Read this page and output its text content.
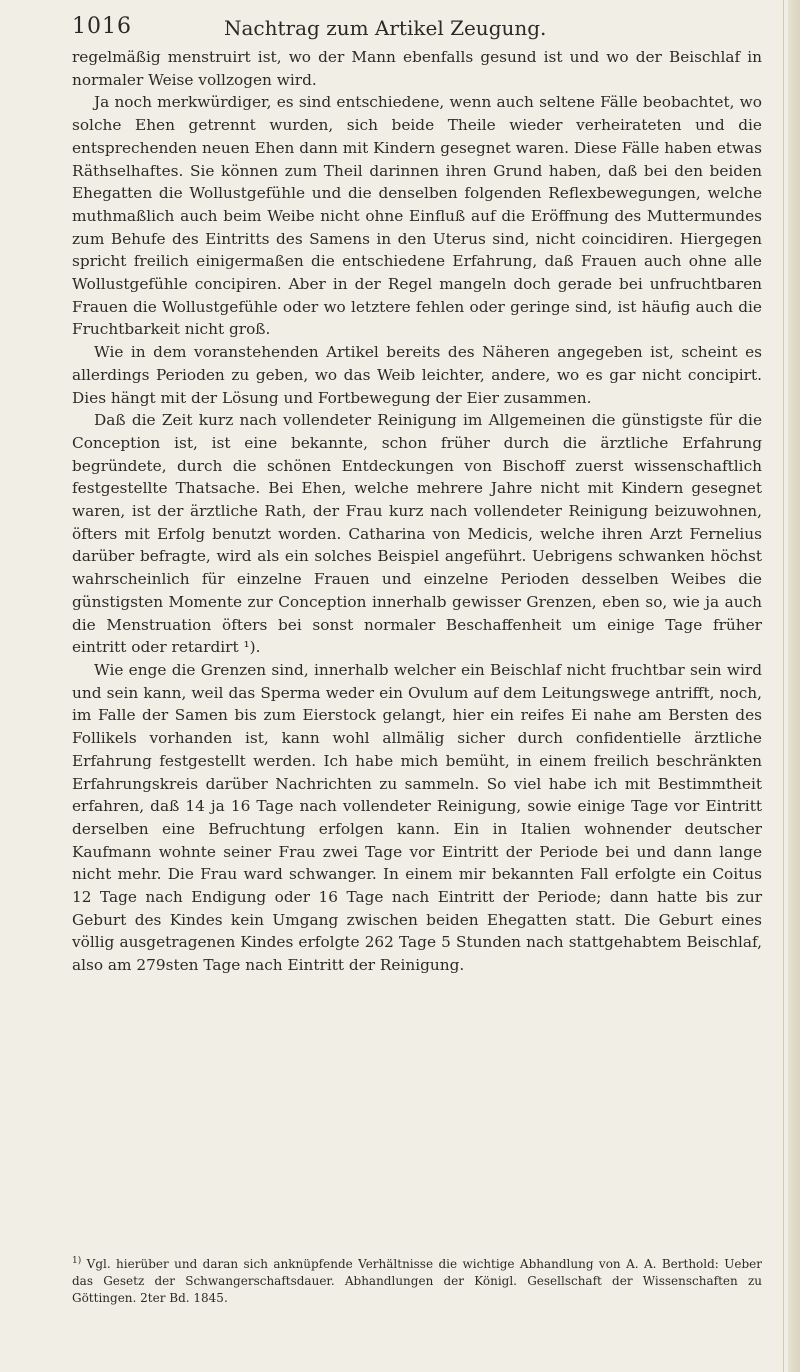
1016	Nachtrag zum Artikel Zeugung.

regelmäßig menstruirt ist, wo der Mann ebenfalls gesund ist und wo der Beischlaf in normaler Weise vollzogen wird.

Ja noch merkwürdiger, es sind entschiedene, wenn auch seltene Fälle beobachtet, wo solche Ehen getrennt wurden, sich beide Theile wieder verheirateten und die entsprechenden neuen Ehen dann mit Kindern gesegnet waren. Diese Fälle haben etwas Räthselhaftes. Sie können zum Theil darinnen ihren Grund haben, daß bei den beiden Ehegatten die Wollustgefühle und die denselben folgenden Reflexbewegungen, welche muthmaßlich auch beim Weibe nicht ohne Einfluß auf die Eröffnung des Muttermundes zum Behufe des Eintritts des Samens in den Uterus sind, nicht coincidiren. Hiergegen spricht freilich einigermaßen die entschiedene Erfahrung, daß Frauen auch ohne alle Wollustgefühle concipiren. Aber in der Regel mangeln doch gerade bei unfruchtbaren Frauen die Wollustgefühle oder wo letztere fehlen oder geringe sind, ist häufig auch die Fruchtbarkeit nicht groß.

Wie in dem voranstehenden Artikel bereits des Näheren angegeben ist, scheint es allerdings Perioden zu geben, wo das Weib leichter, andere, wo es gar nicht concipirt. Dies hängt mit der Lösung und Fortbewegung der Eier zusammen.

Daß die Zeit kurz nach vollendeter Reinigung im Allgemeinen die günstigste für die Conception ist, ist eine bekannte, schon früher durch die ärztliche Erfahrung begründete, durch die schönen Entdeckungen von Bischoff zuerst wissenschaftlich festgestellte Thatsache. Bei Ehen, welche mehrere Jahre nicht mit Kindern gesegnet waren, ist der ärztliche Rath, der Frau kurz nach vollendeter Reinigung beizuwohnen, öfters mit Erfolg benutzt worden. Catharina von Medicis, welche ihren Arzt Fernelius darüber befragte, wird als ein solches Beispiel angeführt. Uebrigens schwanken höchst wahrscheinlich für einzelne Frauen und einzelne Perioden desselben Weibes die günstigsten Momente zur Conception innerhalb gewisser Grenzen, eben so, wie ja auch die Menstruation öfters bei sonst normaler Beschaffenheit um einige Tage früher eintritt oder retardirt ¹).

Wie enge die Grenzen sind, innerhalb welcher ein Beischlaf nicht fruchtbar sein wird und sein kann, weil das Sperma weder ein Ovulum auf dem Leitungswege antrifft, noch, im Falle der Samen bis zum Eierstock gelangt, hier ein reifes Ei nahe am Bersten des Follikels vorhanden ist, kann wohl allmälig sicher durch confidentielle ärztliche Erfahrung festgestellt werden. Ich habe mich bemüht, in einem freilich beschränkten Erfahrungskreis darüber Nachrichten zu sammeln. So viel habe ich mit Bestimmtheit erfahren, daß 14 ja 16 Tage nach vollendeter Reinigung, sowie einige Tage vor Eintritt derselben eine Befruchtung erfolgen kann. Ein in Italien wohnender deutscher Kaufmann wohnte seiner Frau zwei Tage vor Eintritt der Periode bei und dann lange nicht mehr. Die Frau ward schwanger. In einem mir bekannten Fall erfolgte ein Coitus 12 Tage nach Endigung oder 16 Tage nach Eintritt der Periode; dann hatte bis zur Geburt des Kindes kein Umgang zwischen beiden Ehegatten statt. Die Geburt eines völlig ausgetragenen Kindes erfolgte 262 Tage 5 Stunden nach stattgehabtem Beischlaf, also am 279sten Tage nach Eintritt der Reinigung.

$^{1)}$ Vgl. hierüber und daran sich anknüpfende Verhältnisse die wichtige Abhandlung von A. A. Berthold: Ueber das Gesetz der Schwangerschaftsdauer. Abhandlungen der Königl. Gesellschaft der Wissenschaften zu Göttingen. 2ter Bd. 1845.
